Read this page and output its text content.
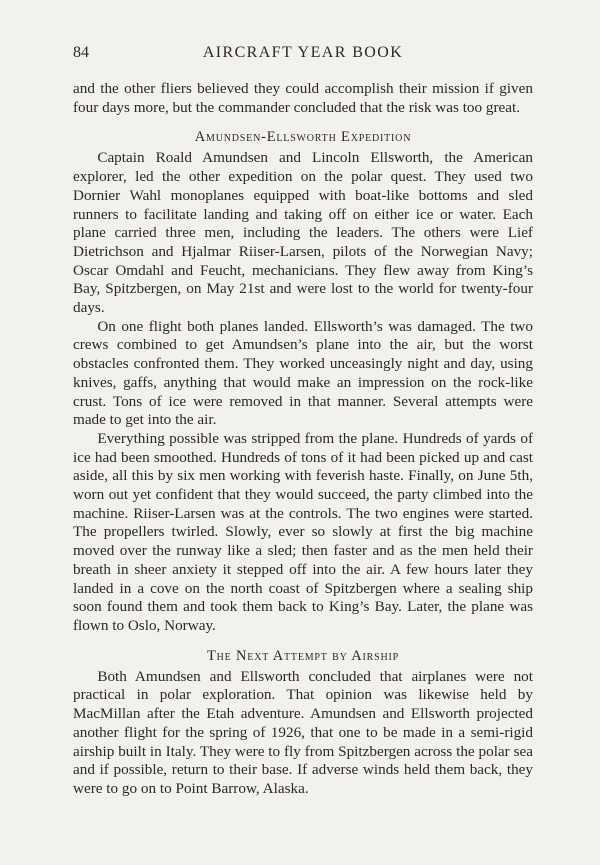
84	AIRCRAFT YEAR BOOK

and the other fliers believed they could accomplish their mission if given four days more, but the commander concluded that the risk was too great.

Amundsen-Ellsworth Expedition

Captain Roald Amundsen and Lincoln Ellsworth, the American explorer, led the other expedition on the polar quest. They used two Dornier Wahl monoplanes equipped with boat-like bottoms and sled runners to facilitate landing and taking off on either ice or water. Each plane carried three men, including the leaders. The others were Lief Dietrichson and Hjalmar Riiser-Larsen, pilots of the Norwegian Navy; Oscar Omdahl and Feucht, mechanicians. They flew away from King’s Bay, Spitzbergen, on May 21st and were lost to the world for twenty-four days.

On one flight both planes landed. Ellsworth’s was damaged. The two crews combined to get Amundsen’s plane into the air, but the worst obstacles confronted them. They worked unceasingly night and day, using knives, gaffs, anything that would make an impression on the rock-like crust. Tons of ice were removed in that manner. Several attempts were made to get into the air.

Everything possible was stripped from the plane. Hundreds of yards of ice had been smoothed. Hundreds of tons of it had been picked up and cast aside, all this by six men working with feverish haste. Finally, on June 5th, worn out yet confident that they would succeed, the party climbed into the machine. Riiser-Larsen was at the controls. The two engines were started. The propellers twirled. Slowly, ever so slowly at first the big machine moved over the runway like a sled; then faster and as the men held their breath in sheer anxiety it stepped off into the air. A few hours later they landed in a cove on the north coast of Spitzbergen where a sealing ship soon found them and took them back to King’s Bay. Later, the plane was flown to Oslo, Norway.

The Next Attempt by Airship

Both Amundsen and Ellsworth concluded that airplanes were not practical in polar exploration. That opinion was likewise held by MacMillan after the Etah adventure. Amundsen and Ellsworth projected another flight for the spring of 1926, that one to be made in a semi-rigid airship built in Italy. They were to fly from Spitzbergen across the polar sea and if possible, return to their base. If adverse winds held them back, they were to go on to Point Barrow, Alaska.
